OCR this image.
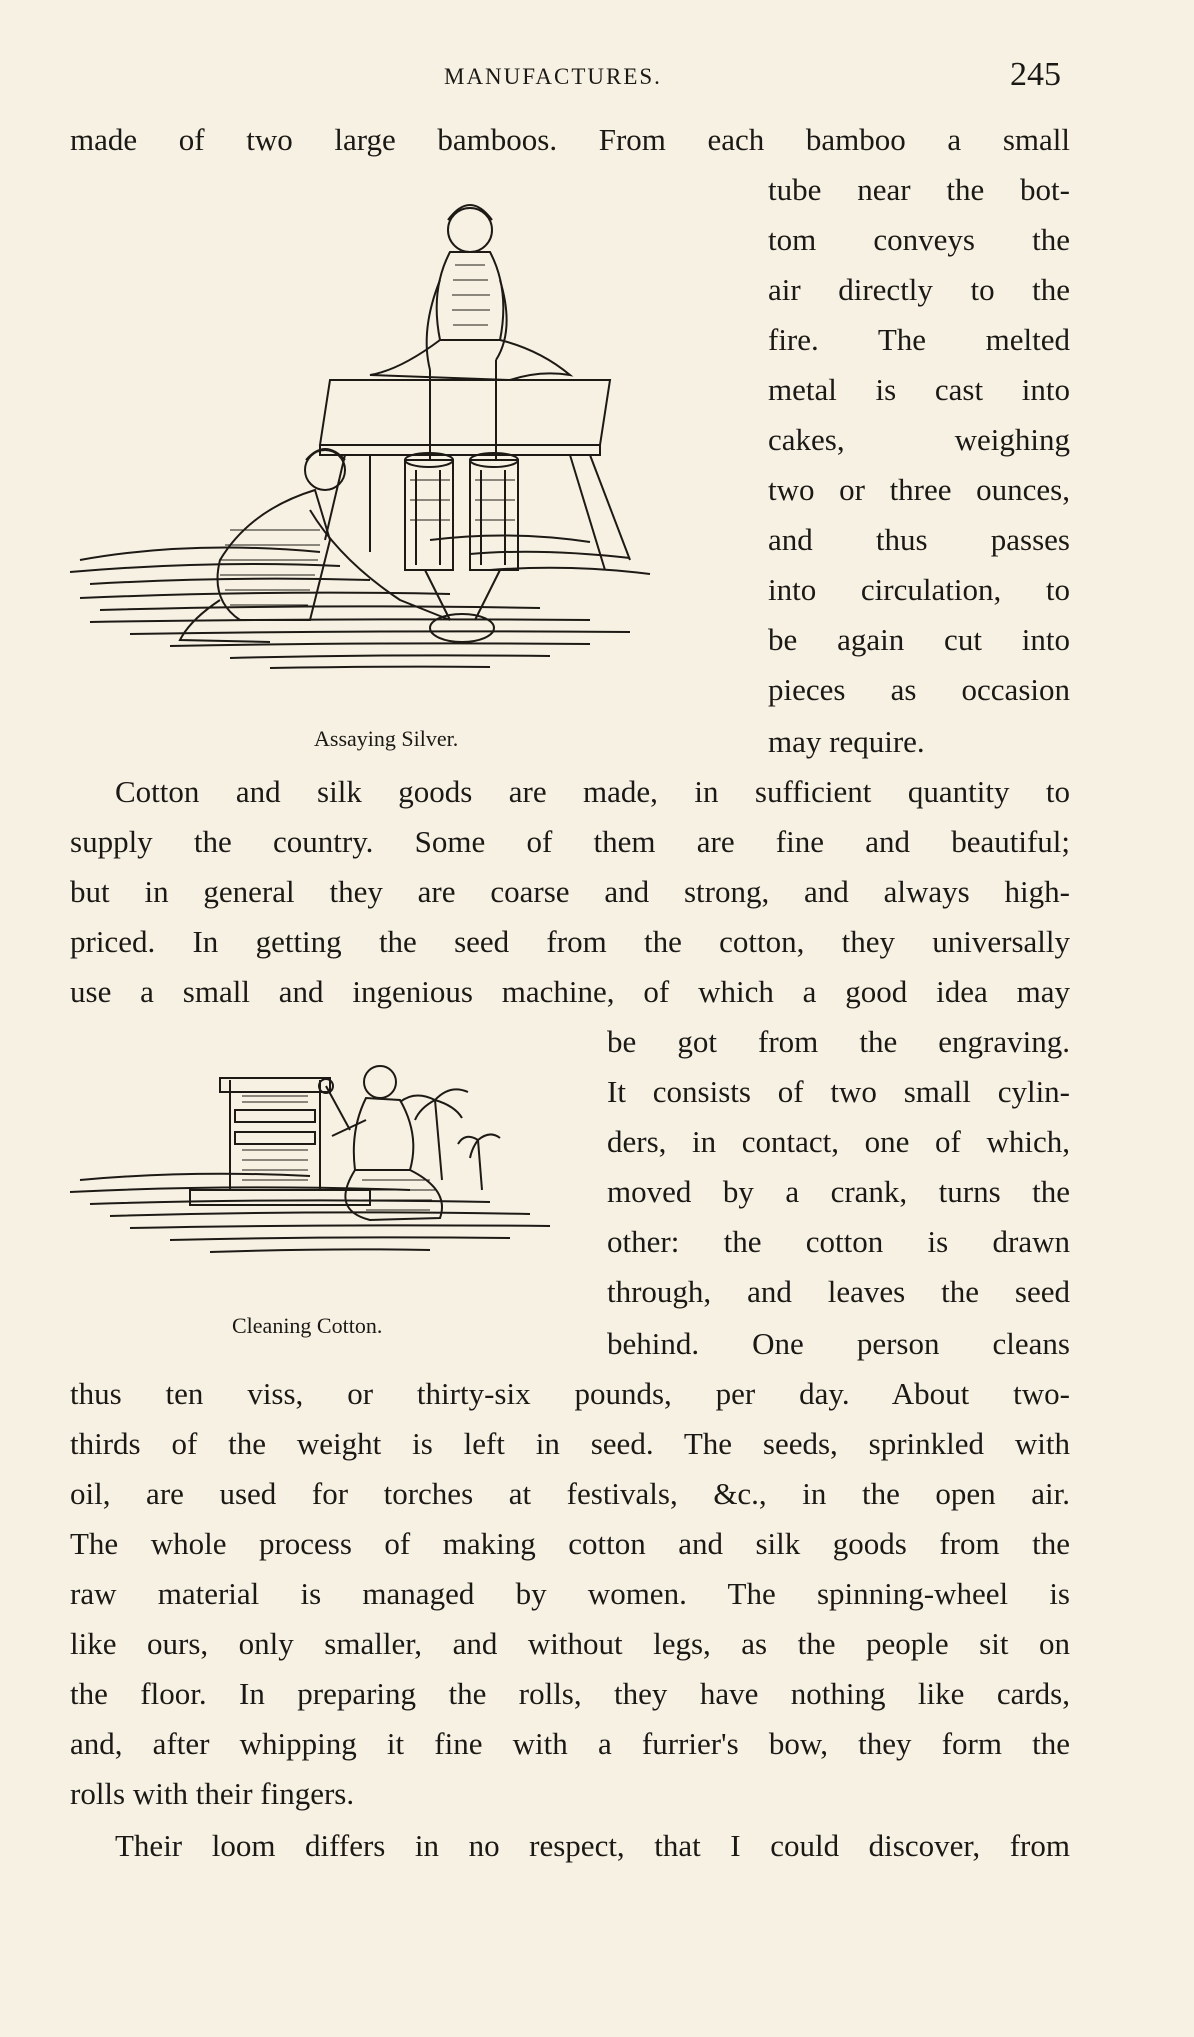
MANUFACTURES.	245
Assaying Silver.
Cleaning Cotton.
made of two large bamboos. From each bamboo a small
tube near the bot-
tom conveys the
air directly to the
fire. The melted
metal is cast into
cakes, weighing
two or three ounces,
and thus passes
into circulation, to
be again cut into
pieces as occasion
may require.
Cotton and silk goods are made, in sufficient quantity to
supply the country. Some of them are fine and beautiful;
but in general they are coarse and strong, and always high-
priced. In getting the seed from the cotton, they universally
use a small and ingenious machine, of which a good idea may
be got from the engraving.
It consists of two small cylin-
ders, in contact, one of which,
moved by a crank, turns the
other: the cotton is drawn
through, and leaves the seed
behind. One person cleans
thus ten viss, or thirty-six pounds, per day. About two-
thirds of the weight is left in seed. The seeds, sprinkled with
oil, are used for torches at festivals, &c., in the open air.
The whole process of making cotton and silk goods from the
raw material is managed by women. The spinning-wheel is
like ours, only smaller, and without legs, as the people sit on
the floor. In preparing the rolls, they have nothing like cards,
and, after whipping it fine with a furrier's bow, they form the
rolls with their fingers.
Their loom differs in no respect, that I could discover, from
